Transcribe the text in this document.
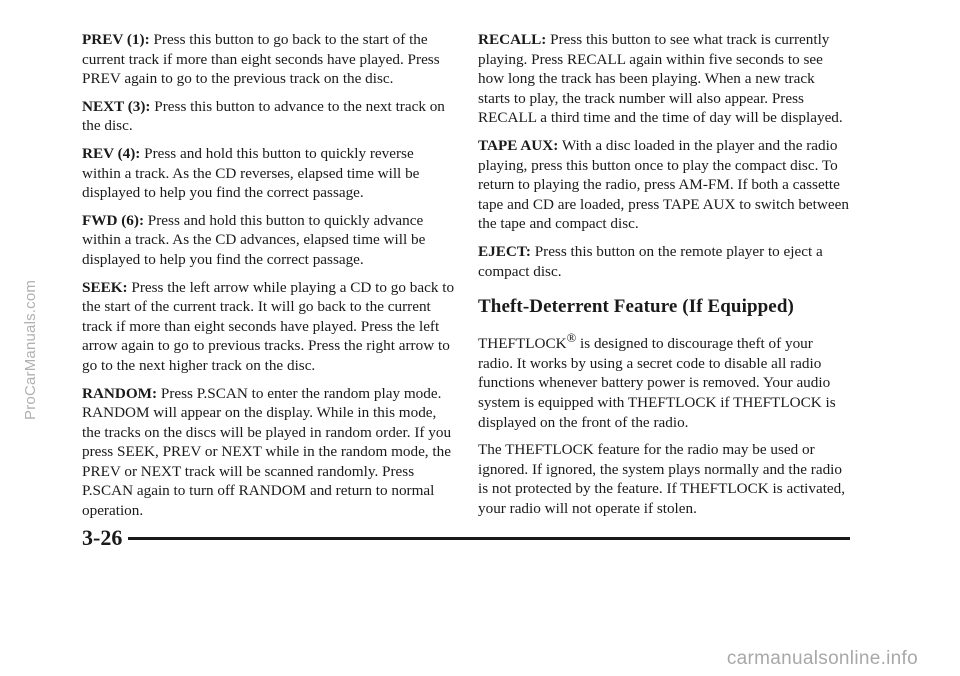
PREV (1): Press this button to go back to the start of the current track if more than eight seconds have played. Press PREV again to go to the previous track on the disc.

NEXT (3): Press this button to advance to the next track on the disc.

REV (4): Press and hold this button to quickly reverse within a track. As the CD reverses, elapsed time will be displayed to help you find the correct passage.

FWD (6): Press and hold this button to quickly advance within a track. As the CD advances, elapsed time will be displayed to help you find the correct passage.

SEEK: Press the left arrow while playing a CD to go back to the start of the current track. It will go back to the current track if more than eight seconds have played. Press the left arrow again to go to previous tracks. Press the right arrow to go to the next higher track on the disc.

RANDOM: Press P.SCAN to enter the random play mode. RANDOM will appear on the display. While in this mode, the tracks on the discs will be played in random order. If you press SEEK, PREV or NEXT while in the random mode, the PREV or NEXT track will be scanned randomly. Press P.SCAN again to turn off RANDOM and return to normal operation.

RECALL: Press this button to see what track is currently playing. Press RECALL again within five seconds to see how long the track has been playing. When a new track starts to play, the track number will also appear. Press RECALL a third time and the time of day will be displayed.

TAPE AUX: With a disc loaded in the player and the radio playing, press this button once to play the compact disc. To return to playing the radio, press AM-FM. If both a cassette tape and CD are loaded, press TAPE AUX to switch between the tape and compact disc.

EJECT: Press this button on the remote player to eject a compact disc.

Theft-Deterrent Feature (If Equipped)

THEFTLOCK® is designed to discourage theft of your radio. It works by using a secret code to disable all radio functions whenever battery power is removed. Your audio system is equipped with THEFTLOCK if THEFTLOCK is displayed on the front of the radio.

The THEFTLOCK feature for the radio may be used or ignored. If ignored, the system plays normally and the radio is not protected by the feature. If THEFTLOCK is activated, your radio will not operate if stolen.

3-26
ProCarManuals.com
carmanualsonline.info
